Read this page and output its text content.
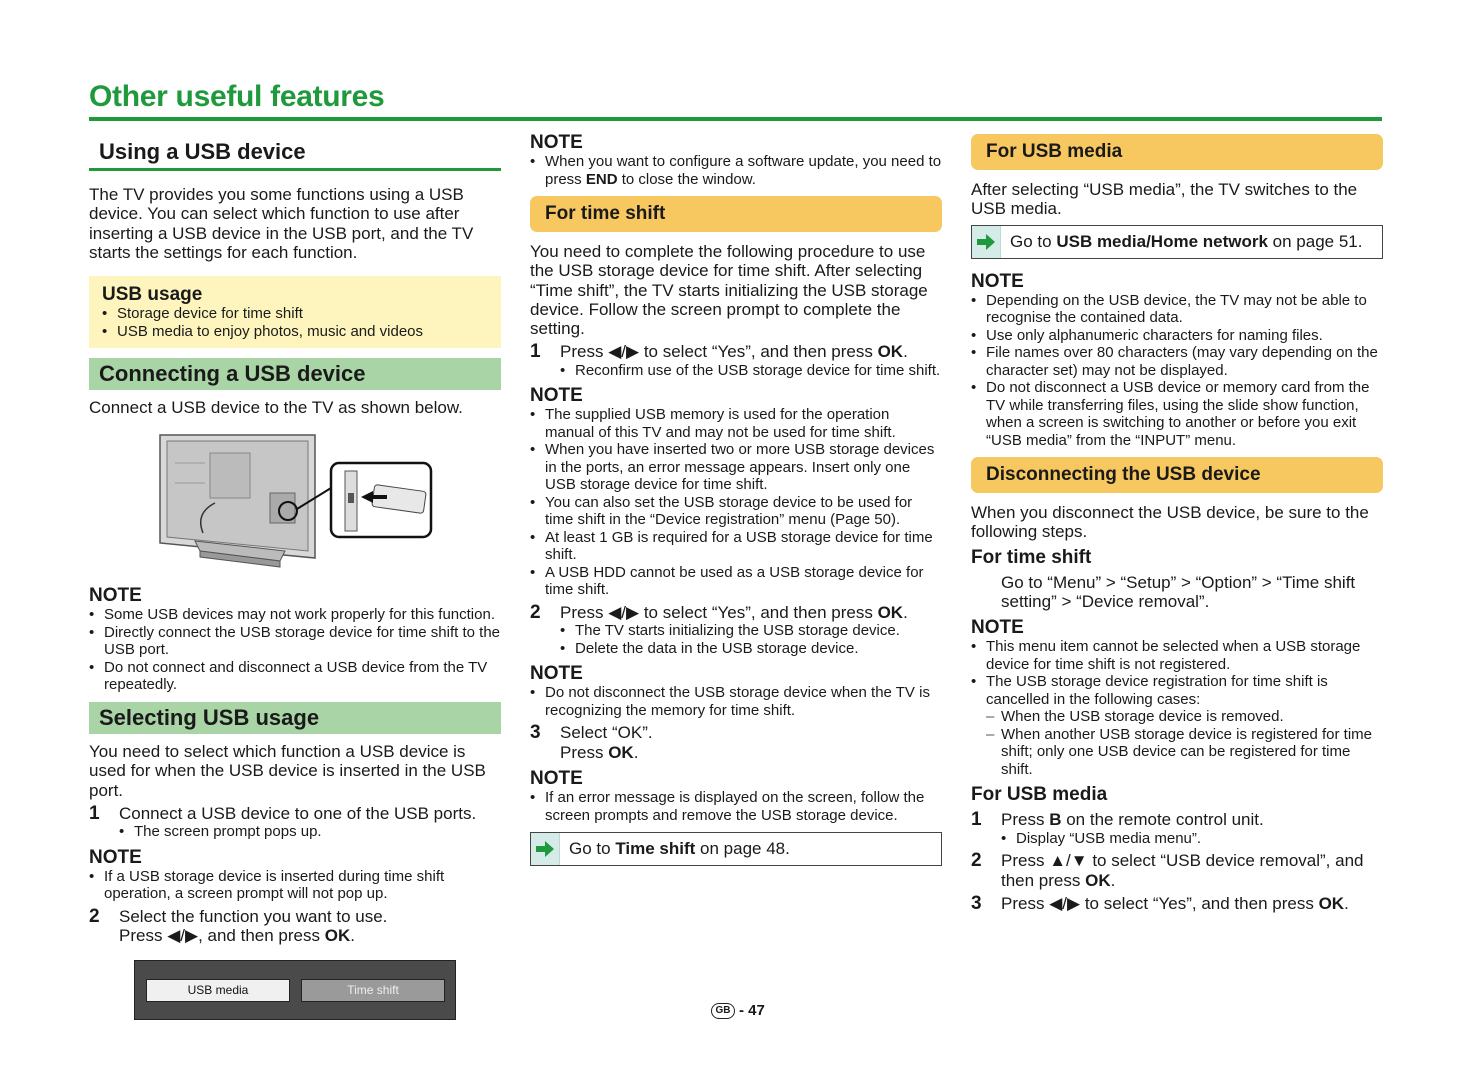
Other useful features
Using a USB device

The TV provides you some functions using a USB device. You can select which function to use after inserting a USB device in the USB port, and the TV starts the settings for each function.

USB usage
• Storage device for time shift
• USB media to enjoy photos, music and videos
Connecting a USB device

Connect a USB device to the TV as shown below.

NOTE
• Some USB devices may not work properly for this function.
• Directly connect the USB storage device for time shift to the USB port.
• Do not connect and disconnect a USB device from the TV repeatedly.
Selecting USB usage

You need to select which function a USB device is used for when the USB device is inserted in the USB port.

1	Connect a USB device to one of the USB ports.
• The screen prompt pops up.
NOTE
• If a USB storage device is inserted during time shift operation, a screen prompt will not pop up.
2	Select the function you want to use.
Press ◀/▶, and then press OK.
USB media	Time shift
NOTE
• When you want to configure a software update, you need to press END to close the window.
For time shift

You need to complete the following procedure to use the USB storage device for time shift. After selecting “Time shift”, the TV starts initializing the USB storage device. Follow the screen prompt to complete the setting.

1	Press ◀/▶ to select “Yes”, and then press OK.
• Reconfirm use of the USB storage device for time shift.
NOTE
• The supplied USB memory is used for the operation manual of this TV and may not be used for time shift.
• When you have inserted two or more USB storage devices in the ports, an error message appears. Insert only one USB storage device for time shift.
• You can also set the USB storage device to be used for time shift in the “Device registration” menu (Page 50).
• At least 1 GB is required for a USB storage device for time shift.
• A USB HDD cannot be used as a USB storage device for time shift.
2	Press ◀/▶ to select “Yes”, and then press OK.
• The TV starts initializing the USB storage device.
• Delete the data in the USB storage device.
NOTE
• Do not disconnect the USB storage device when the TV is recognizing the memory for time shift.
3	Select “OK”.
Press OK.
NOTE
• If an error message is displayed on the screen, follow the screen prompts and remove the USB storage device.
Go to Time shift on page 48.
For USB media

After selecting “USB media”, the TV switches to the USB media.

Go to USB media/Home network on page 51.
NOTE
• Depending on the USB device, the TV may not be able to recognise the contained data.
• Use only alphanumeric characters for naming files.
• File names over 80 characters (may vary depending on the character set) may not be displayed.
• Do not disconnect a USB device or memory card from the TV while transferring files, using the slide show function, when a screen is switching to another or before you exit “USB media” from the “INPUT” menu.
Disconnecting the USB device

When you disconnect the USB device, be sure to the following steps.

For time shift

Go to “Menu” > “Setup” > “Option” > “Time shift setting” > “Device removal”.

NOTE
• This menu item cannot be selected when a USB storage device for time shift is not registered.
• The USB storage device registration for time shift is cancelled in the following cases:
– When the USB storage device is removed.
– When another USB storage device is registered for time shift; only one USB device can be registered for time shift.
For USB media
1	Press B on the remote control unit.
• Display “USB media menu”.
2	Press ▲/▼ to select “USB device removal”, and then press OK.
3	Press ◀/▶ to select “Yes”, and then press OK.
GB - 47
